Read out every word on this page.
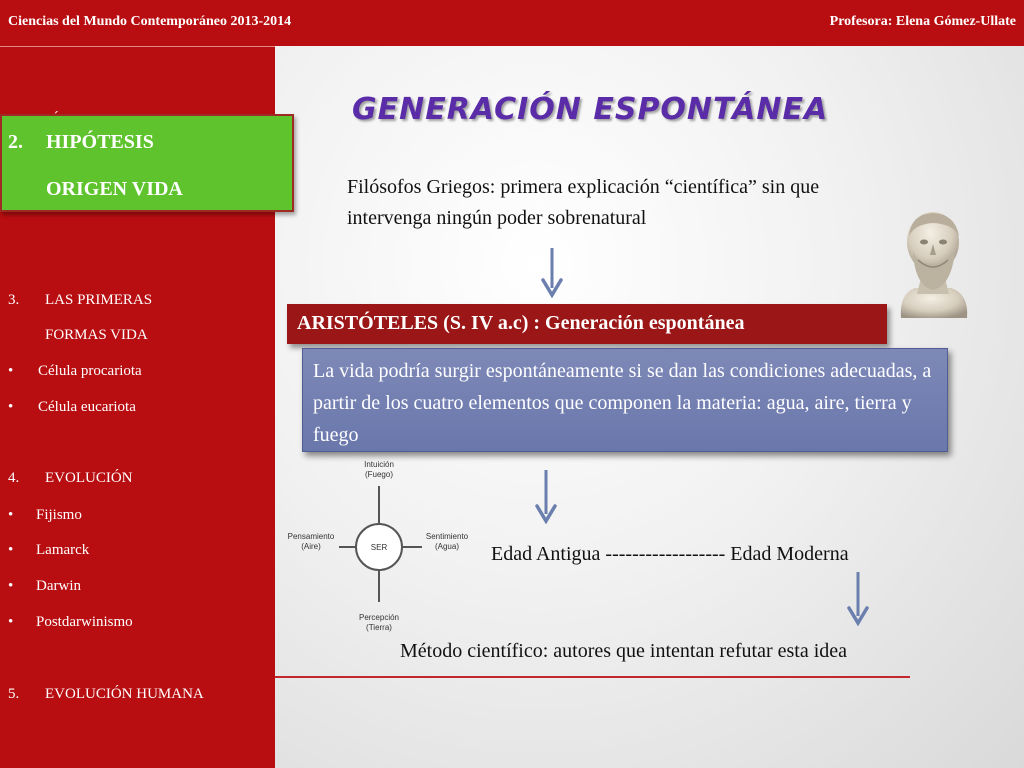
Ciencias del Mundo Contemporáneo 2013-2014	Profesora: Elena Gómez-Ullate
3. LAS PRIMERAS
FORMAS VIDA
• Célula procariota
• Célula eucariota
4. EVOLUCIÓN
• Fijismo
• Lamarck
• Darwin
• Postdarwinismo
5. EVOLUCIÓN HUMANA
2. HIPÓTESIS
ORIGEN VIDA
GENERACIÓN ESPONTÁNEA
Filósofos Griegos: primera explicación “científica” sin que
intervenga ningún poder sobrenatural
ARISTÓTELES (S. IV a.c) : Generación espontánea
La vida podría surgir espontáneamente si se dan las condiciones adecuadas, a partir de los cuatro elementos que componen la materia: agua, aire, tierra y fuego
SER
Intuición
(Fuego)
Pensamiento
(Aire)
Sentimiento
(Agua)
Percepción
(Tierra)
Edad Antigua ------------------ Edad Moderna
Método científico: autores que intentan refutar esta idea
